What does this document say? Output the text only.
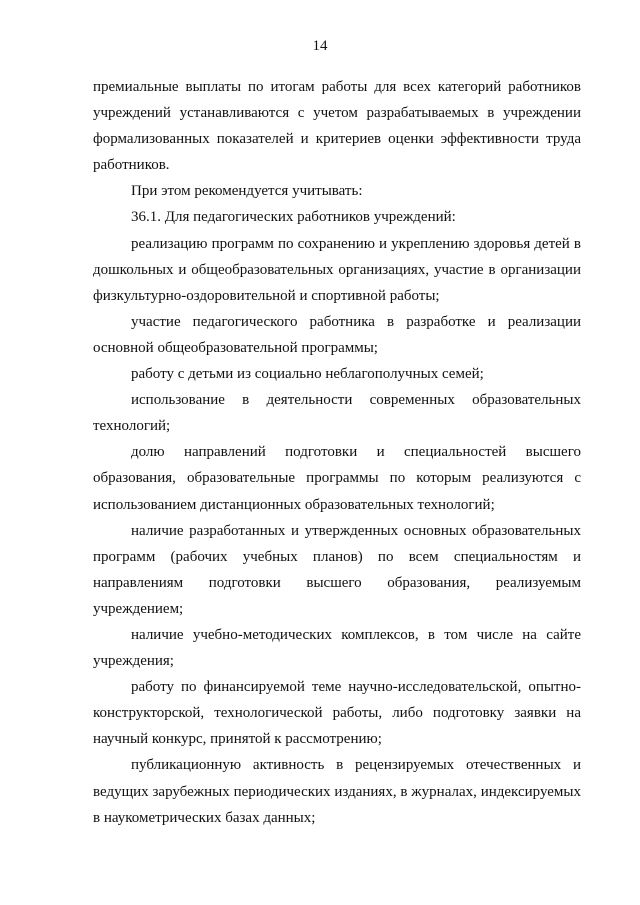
14

премиальные выплаты по итогам работы для всех категорий работников учреждений устанавливаются с учетом разрабатываемых в учреждении формализованных показателей и критериев оценки эффективности труда работников.

При этом рекомендуется учитывать:

36.1. Для педагогических работников учреждений:

реализацию программ по сохранению и укреплению здоровья детей в дошкольных и общеобразовательных организациях, участие в организации физкультурно-оздоровительной и спортивной работы;

участие педагогического работника в разработке и реализации основной общеобразовательной программы;

работу с детьми из социально неблагополучных семей;

использование в деятельности современных образовательных технологий;

долю направлений подготовки и специальностей высшего образования, образовательные программы по которым реализуются с использованием дистанционных образовательных технологий;

наличие разработанных и утвержденных основных образовательных программ (рабочих учебных планов) по всем специальностям и направлениям подготовки высшего образования, реализуемым учреждением;

наличие учебно-методических комплексов, в том числе на сайте учреждения;

работу по финансируемой теме научно-исследовательской, опытно-конструкторской, технологической работы, либо подготовку заявки на научный конкурс, принятой к рассмотрению;

публикационную активность в рецензируемых отечественных и ведущих зарубежных периодических изданиях, в журналах, индексируемых в наукометрических базах данных;
